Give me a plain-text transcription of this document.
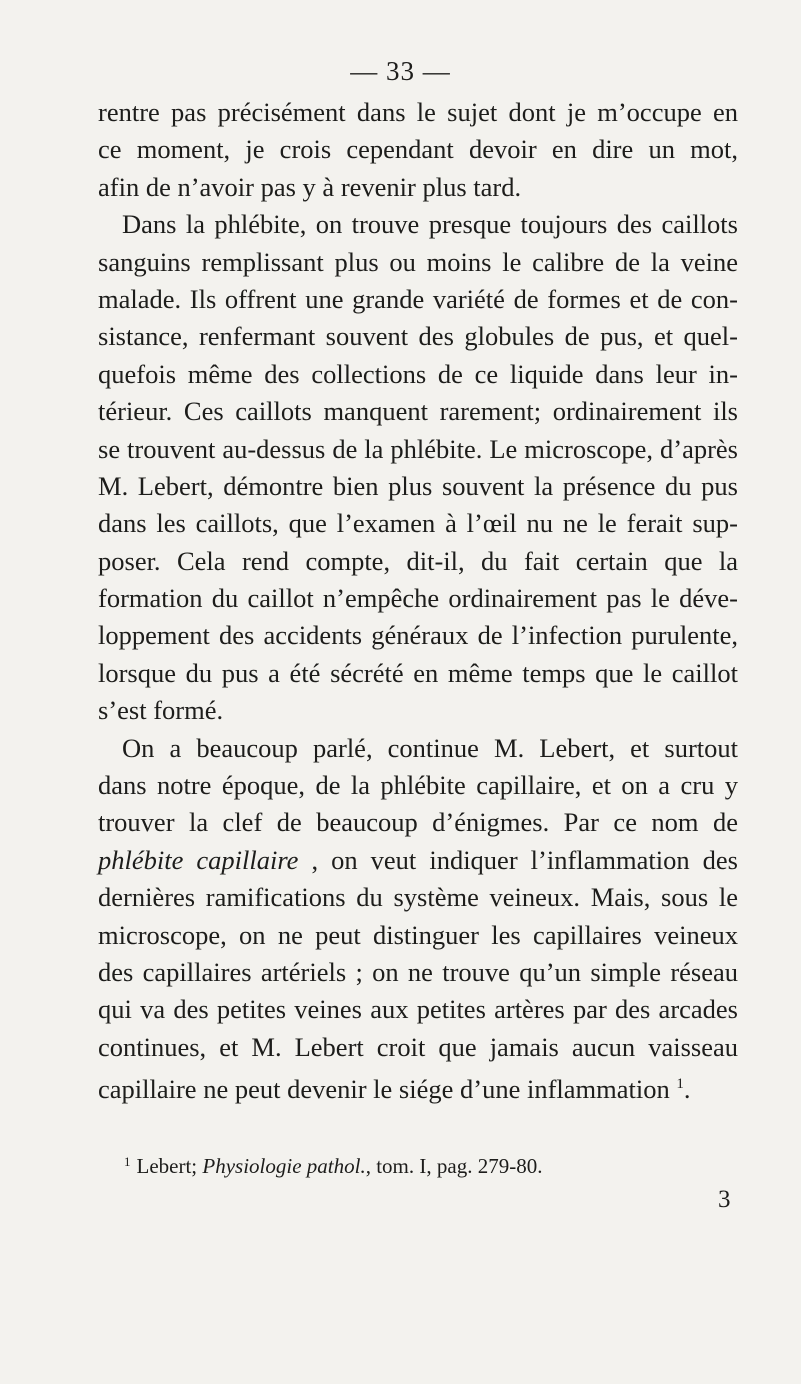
— 33 —
rentre pas précisément dans le sujet dont je m’occupe en
ce moment, je crois cependant devoir en dire un mot,
afin de n’avoir pas y à revenir plus tard.
Dans la phlébite, on trouve presque toujours des caillots
sanguins remplissant plus ou moins le calibre de la veine
malade. Ils offrent une grande variété de formes et de con-
sistance, renfermant souvent des globules de pus, et quel-
quefois même des collections de ce liquide dans leur in-
térieur. Ces caillots manquent rarement; ordinairement ils
se trouvent au-dessus de la phlébite. Le microscope, d’après
M. Lebert, démontre bien plus souvent la présence du pus
dans les caillots, que l’examen à l’œil nu ne le ferait sup-
poser. Cela rend compte, dit-il, du fait certain que la
formation du caillot n’empêche ordinairement pas le déve-
loppement des accidents généraux de l’infection purulente,
lorsque du pus a été sécrété en même temps que le caillot
s’est formé.
On a beaucoup parlé, continue M. Lebert, et surtout
dans notre époque, de la phlébite capillaire, et on a cru y
trouver la clef de beaucoup d’énigmes. Par ce nom de
phlébite capillaire , on veut indiquer l’inflammation des
dernières ramifications du système veineux. Mais, sous le
microscope, on ne peut distinguer les capillaires veineux
des capillaires artériels ; on ne trouve qu’un simple réseau
qui va des petites veines aux petites artères par des arcades
continues, et M. Lebert croit que jamais aucun vaisseau
capillaire ne peut devenir le siége d’une inflammation $^1$.
$^1$ Lebert; Physiologie pathol., tom. I, pag. 279-80.
3
